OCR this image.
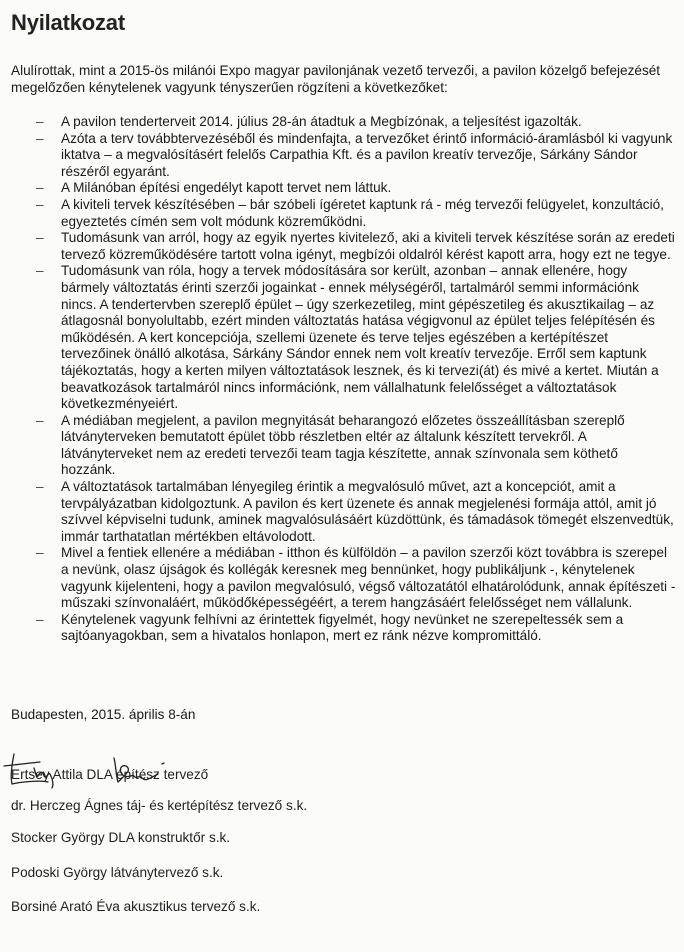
Nyilatkozat

Alulírottak, mint a 2015-ös milánói Expo magyar pavilonjának vezető tervezői, a pavilon közelgő befejezését megelőzően kénytelenek vagyunk tényszerűen rögzíteni a következőket:

– A pavilon tenderterveit 2014. július 28-án átadtuk a Megbízónak, a teljesítést igazolták.
– Azóta a terv továbbtervezéséből és mindenfajta, a tervezőket érintő információ-áramlásból ki vagyunk iktatva – a megvalósításért felelős Carpathia Kft. és a pavilon kreatív tervezője, Sárkány Sándor részéről egyaránt.
– A Milánóban építési engedélyt kapott tervet nem láttuk.
– A kiviteli tervek készítésében – bár szóbeli ígéretet kaptunk rá - még tervezői felügyelet, konzultáció, egyeztetés címén sem volt módunk közreműködni.
– Tudomásunk van arról, hogy az egyik nyertes kivitelező, aki a kiviteli tervek készítése során az eredeti tervező közreműködésére tartott volna igényt, megbízói oldalról kérést kapott arra, hogy ezt ne tegye.
– Tudomásunk van róla, hogy a tervek módosítására sor került, azonban – annak ellenére, hogy bármely változtatás érinti szerzői jogainkat - ennek mélységéről, tartalmáról semmi információnk nincs. A tendertervben szereplő épület – úgy szerkezetileg, mint gépészetileg és akusztikailag – az átlagosnál bonyolultabb, ezért minden változtatás hatása végigvonul az épület teljes felépítésén és működésén. A kert koncepciója, szellemi üzenete és terve teljes egészében a kertépítészet tervezőinek önálló alkotása, Sárkány Sándor ennek nem volt kreatív tervezője. Erről sem kaptunk tájékoztatás, hogy a kerten milyen változtatások lesznek, és ki tervezi(át) és mivé a kertet. Miután a beavatkozások tartalmáról nincs információnk, nem vállalhatunk felelősséget a változtatások következményeiért.
– A médiában megjelent, a pavilon megnyitását beharangozó előzetes összeállításban szereplő látványterveken bemutatott épület több részletben eltér az általunk készített tervekről. A látványterveket nem az eredeti tervezői team tagja készítette, annak színvonala sem köthető hozzánk.
– A változtatások tartalmában lényegileg érintik a megvalósuló művet, azt a koncepciót, amit a tervpályázatban kidolgoztunk. A pavilon és kert üzenete és annak megjelenési formája attól, amit jó szívvel képviselni tudunk, aminek magvalósulásáért küzdöttünk, és támadások tömegét elszenvedtük, immár tarthatatlan mértékben eltávolodott.
– Mivel a fentiek ellenére a médiában - itthon és külföldön – a pavilon szerzői közt továbbra is szerepel a nevünk, olasz újságok és kollégák keresnek meg bennünket, hogy publikáljunk -, kénytelenek vagyunk kijelenteni, hogy a pavilon megvalósuló, végső változatától elhatárolódunk, annak építészeti - műszaki színvonaláért, működőképességéért, a terem hangzásáért felelősséget nem vállalunk.
– Kénytelenek vagyunk felhívni az érintettek figyelmét, hogy nevünket ne szerepeltessék sem a sajtóanyagokban, sem a hivatalos honlapon, mert ez ránk nézve kompromittáló.

Budapesten, 2015. április 8-án

Ertsey Attila DLA építész tervező

dr. Herczeg Ágnes táj- és kertépítész tervező s.k.

Stocker György DLA konstruktőr s.k.

Podoski György látványtervező s.k.

Borsiné Arató Éva akusztikus tervező s.k.
